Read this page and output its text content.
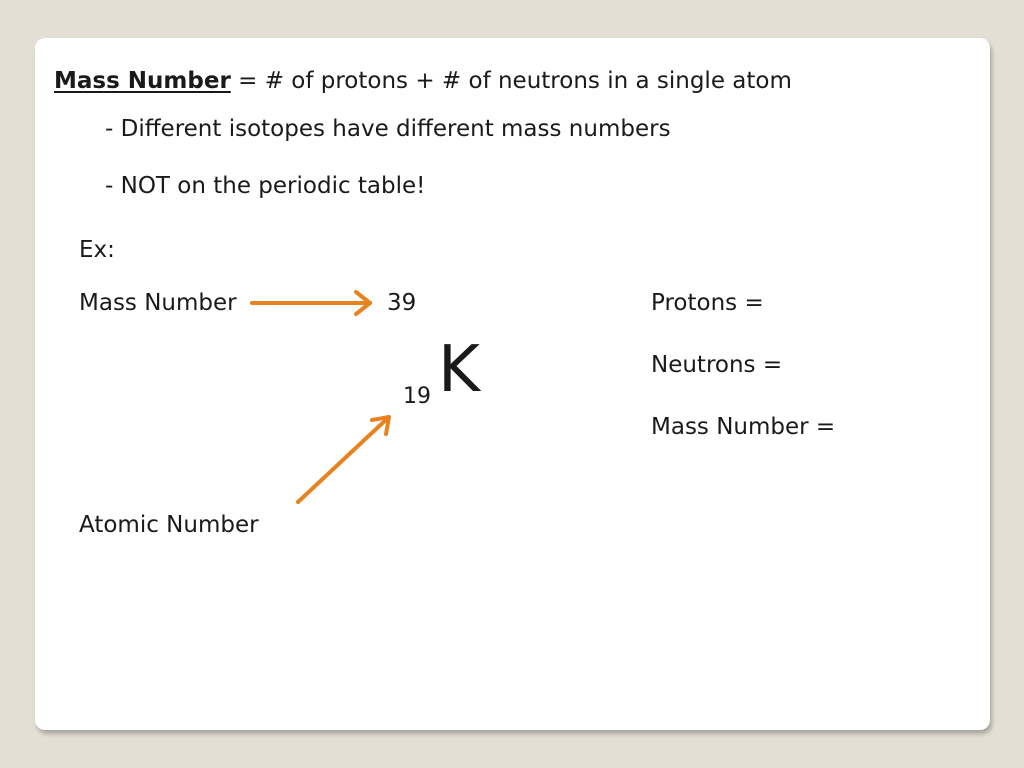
Mass Number = # of protons + # of neutrons in a single atom
- Different isotopes have different mass numbers
- NOT on the periodic table!
Ex:
Mass Number	39
19 K
Atomic Number
Protons =
Neutrons =
Mass Number =
